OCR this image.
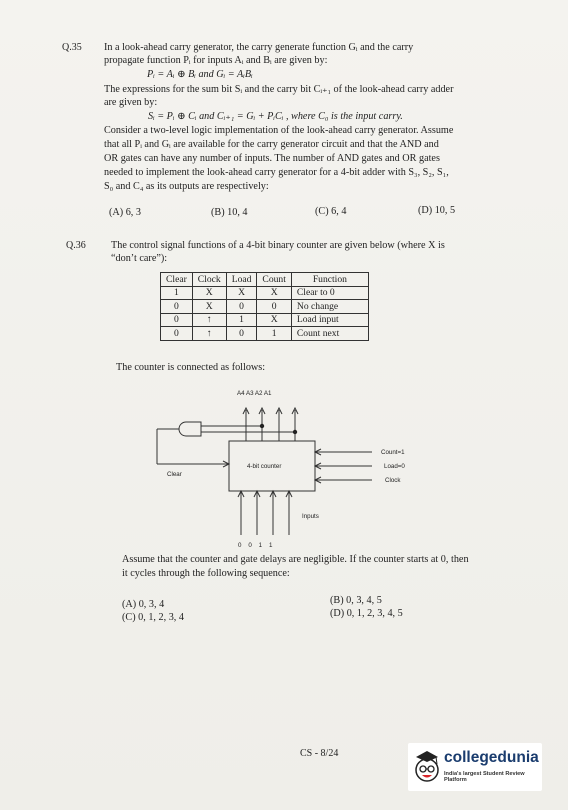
Q.35 In a look-ahead carry generator, the carry generate function Gᵢ and the carry
propagate function Pᵢ for inputs Aᵢ and Bᵢ are given by:
Pᵢ = Aᵢ ⊕ Bᵢ and Gᵢ = AᵢBᵢ
The expressions for the sum bit Sᵢ and the carry bit Cᵢ₊₁ of the look-ahead carry adder
are given by:
Sᵢ = Pᵢ ⊕ Cᵢ and Cᵢ₊₁ = Gᵢ + PᵢCᵢ , where C₀ is the input carry.
Consider a two-level logic implementation of the look-ahead carry generator. Assume
that all Pᵢ and Gᵢ are available for the carry generator circuit and that the AND and
OR gates can have any number of inputs. The number of AND gates and OR gates
needed to implement the look-ahead carry generator for a 4-bit adder with S₃, S₂, S₁,
S₀ and C₄ as its outputs are respectively:
(A) 6, 3	(B) 10, 4	(C) 6, 4	(D) 10, 5
Q.36 The control signal functions of a 4-bit binary counter are given below (where X is
“don’t care”):
Clear	Clock	Load	Count	Function
1	X	X	X	Clear to 0
0	X	0	0	No change
0	↑	1	X	Load input
0	↑	0	1	Count next
The counter is connected as follows:
A4 A3 A2 A1
4-bit counter
Clear
Count=1
Load=0
Clock
Inputs
0    0    1    1
Assume that the counter and gate delays are negligible. If the counter starts at 0, then
it cycles through the following sequence:
(A) 0, 3, 4	(B) 0, 3, 4, 5
(C) 0, 1, 2, 3, 4	(D) 0, 1, 2, 3, 4, 5
CS - 8/24	collegedunia
India's largest Student Review Platform
